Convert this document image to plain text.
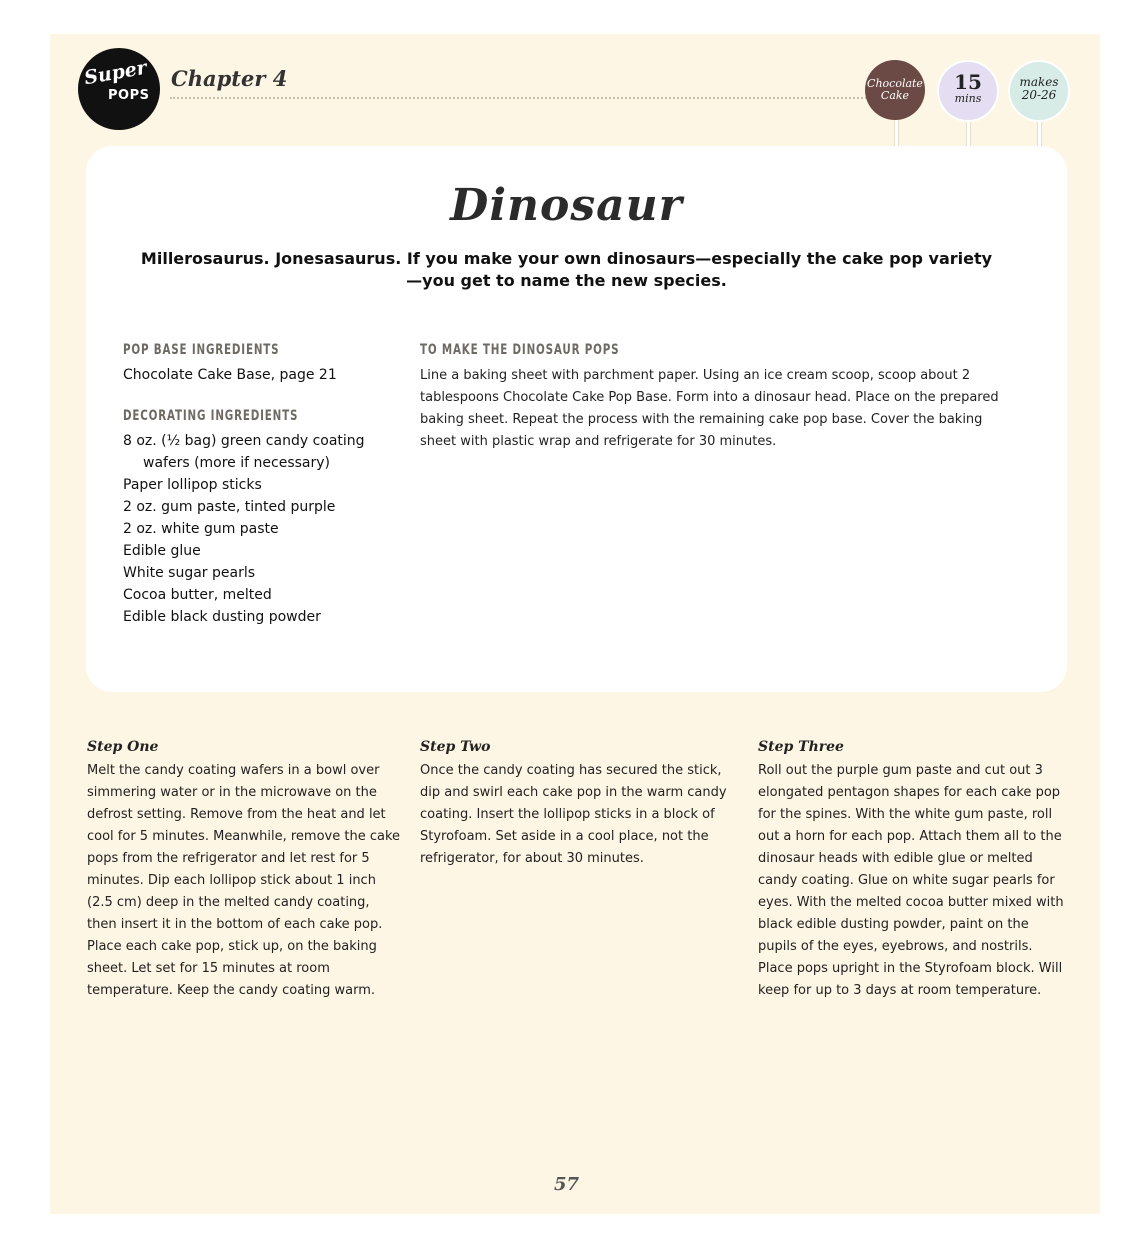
Super
POPS
Chapter 4	Chocolate
Cake
15
mins
makes
20-26
Dinosaur
Millerosaurus. Jonesasaurus. If you make your own dinosaurs—especially the cake pop variety—you get to name the new species.
POP BASE INGREDIENTS
Chocolate Cake Base, page 21
DECORATING INGREDIENTS
8 oz. (½ bag) green candy coating wafers (more if necessary)
Paper lollipop sticks
2 oz. gum paste, tinted purple
2 oz. white gum paste
Edible glue
White sugar pearls
Cocoa butter, melted
Edible black dusting powder
TO MAKE THE DINOSAUR POPS
Line a baking sheet with parchment paper. Using an ice cream scoop, scoop about 2 tablespoons Chocolate Cake Pop Base. Form into a dinosaur head. Place on the prepared baking sheet. Repeat the process with the remaining cake pop base. Cover the baking sheet with plastic wrap and refrigerate for 30 minutes.
Step One
Melt the candy coating wafers in a bowl over simmering water or in the microwave on the defrost setting. Remove from the heat and let cool for 5 minutes. Meanwhile, remove the cake pops from the refrigerator and let rest for 5 minutes. Dip each lollipop stick about 1 inch (2.5 cm) deep in the melted candy coating, then insert it in the bottom of each cake pop. Place each cake pop, stick up, on the baking sheet. Let set for 15 minutes at room temperature. Keep the candy coating warm.
Step Two
Once the candy coating has secured the stick, dip and swirl each cake pop in the warm candy coating. Insert the lollipop sticks in a block of Styrofoam. Set aside in a cool place, not the refrigerator, for about 30 minutes.
Step Three
Roll out the purple gum paste and cut out 3 elongated pentagon shapes for each cake pop for the spines. With the white gum paste, roll out a horn for each pop. Attach them all to the dinosaur heads with edible glue or melted candy coating. Glue on white sugar pearls for eyes. With the melted cocoa butter mixed with black edible dusting powder, paint on the pupils of the eyes, eyebrows, and nostrils. Place pops upright in the Styrofoam block. Will keep for up to 3 days at room temperature.
57
